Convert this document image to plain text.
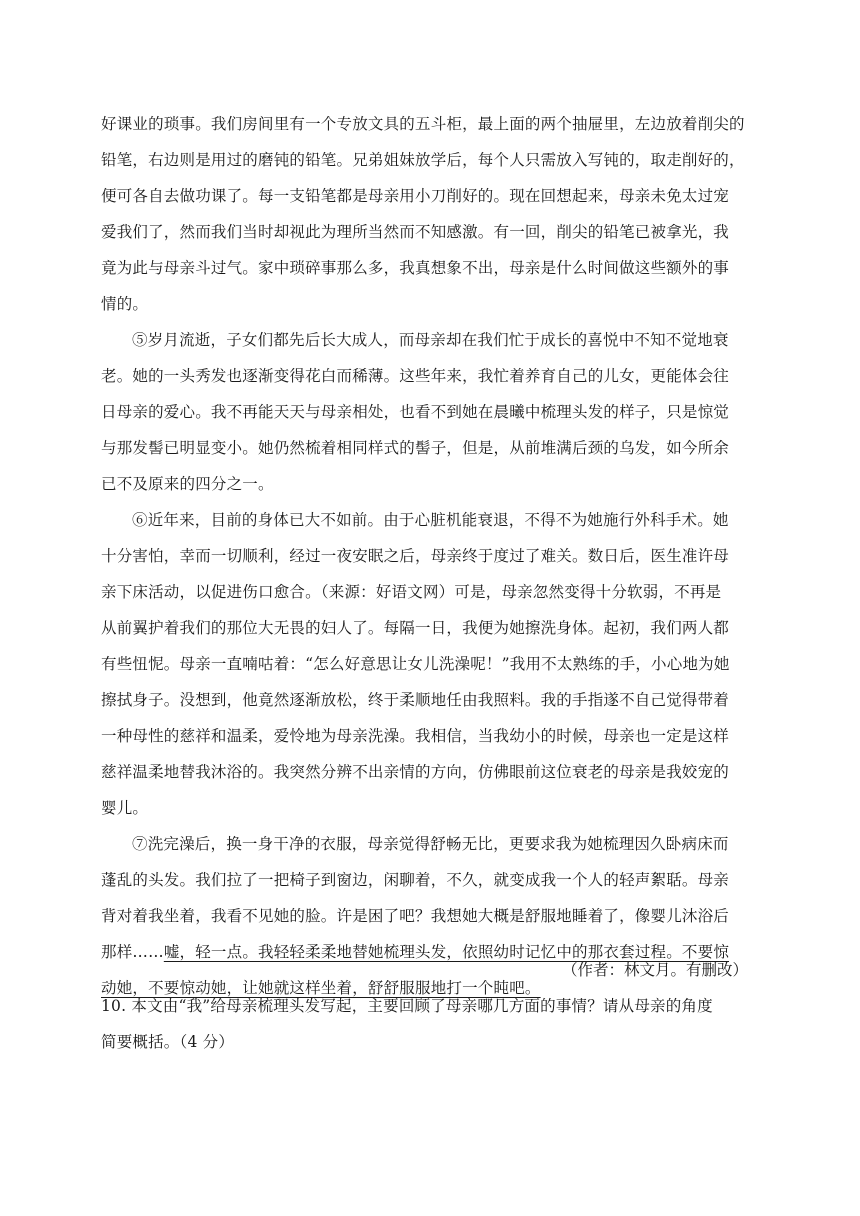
好课业的琐事。我们房间里有一个专放文具的五斗柜，最上面的两个抽屉里，左边放着削尖的
铅笔，右边则是用过的磨钝的铅笔。兄弟姐妹放学后，每个人只需放入写钝的，取走削好的，
便可各自去做功课了。每一支铅笔都是母亲用小刀削好的。现在回想起来，母亲未免太过宠
爱我们了，然而我们当时却视此为理所当然而不知感激。有一回，削尖的铅笔已被拿光，我
竟为此与母亲斗过气。家中琐碎事那么多，我真想象不出，母亲是什么时间做这些额外的事
情的。
⑤岁月流逝，子女们都先后长大成人，而母亲却在我们忙于成长的喜悦中不知不觉地衰
老。她的一头秀发也逐渐变得花白而稀薄。这些年来，我忙着养育自己的儿女，更能体会往
日母亲的爱心。我不再能天天与母亲相处，也看不到她在晨曦中梳理头发的样子，只是惊觉
与那发髻已明显变小。她仍然梳着相同样式的髻子，但是，从前堆满后颈的乌发，如今所余
已不及原来的四分之一。
⑥近年来，目前的身体已大不如前。由于心脏机能衰退，不得不为她施行外科手术。她
十分害怕，幸而一切顺利，经过一夜安眠之后，母亲终于度过了难关。数日后，医生准许母
亲下床活动，以促进伤口愈合。（来源：好语文网）可是，母亲忽然变得十分软弱，不再是
从前翼护着我们的那位大无畏的妇人了。每隔一日，我便为她擦洗身体。起初，我们两人都
有些忸怩。母亲一直喃咕着：“怎么好意思让女儿洗澡呢！”我用不太熟练的手，小心地为她
擦拭身子。没想到，他竟然逐渐放松，终于柔顺地任由我照料。我的手指遂不自己觉得带着
一种母性的慈祥和温柔，爱怜地为母亲洗澡。我相信，当我幼小的时候，母亲也一定是这样
慈祥温柔地替我沐浴的。我突然分辨不出亲情的方向，仿佛眼前这位衰老的母亲是我姣宠的
婴儿。
⑦洗完澡后，换一身干净的衣服，母亲觉得舒畅无比，更要求我为她梳理因久卧病床而
蓬乱的头发。我们拉了一把椅子到窗边，闲聊着，不久，就变成我一个人的轻声絮聒。母亲
背对着我坐着，我看不见她的脸。许是困了吧？我想她大概是舒服地睡着了，像婴儿沐浴后
那样……嘘，轻一点。我轻轻柔柔地替她梳理头发，依照幼时记忆中的那衣套过程。不要惊
动她，不要惊动她，让她就这样坐着，舒舒服服地打一个盹吧。
（作者：林文月。有删改）
10. 本文由“我”给母亲梳理头发写起，主要回顾了母亲哪几方面的事情？请从母亲的角度
简要概括。（4 分）
